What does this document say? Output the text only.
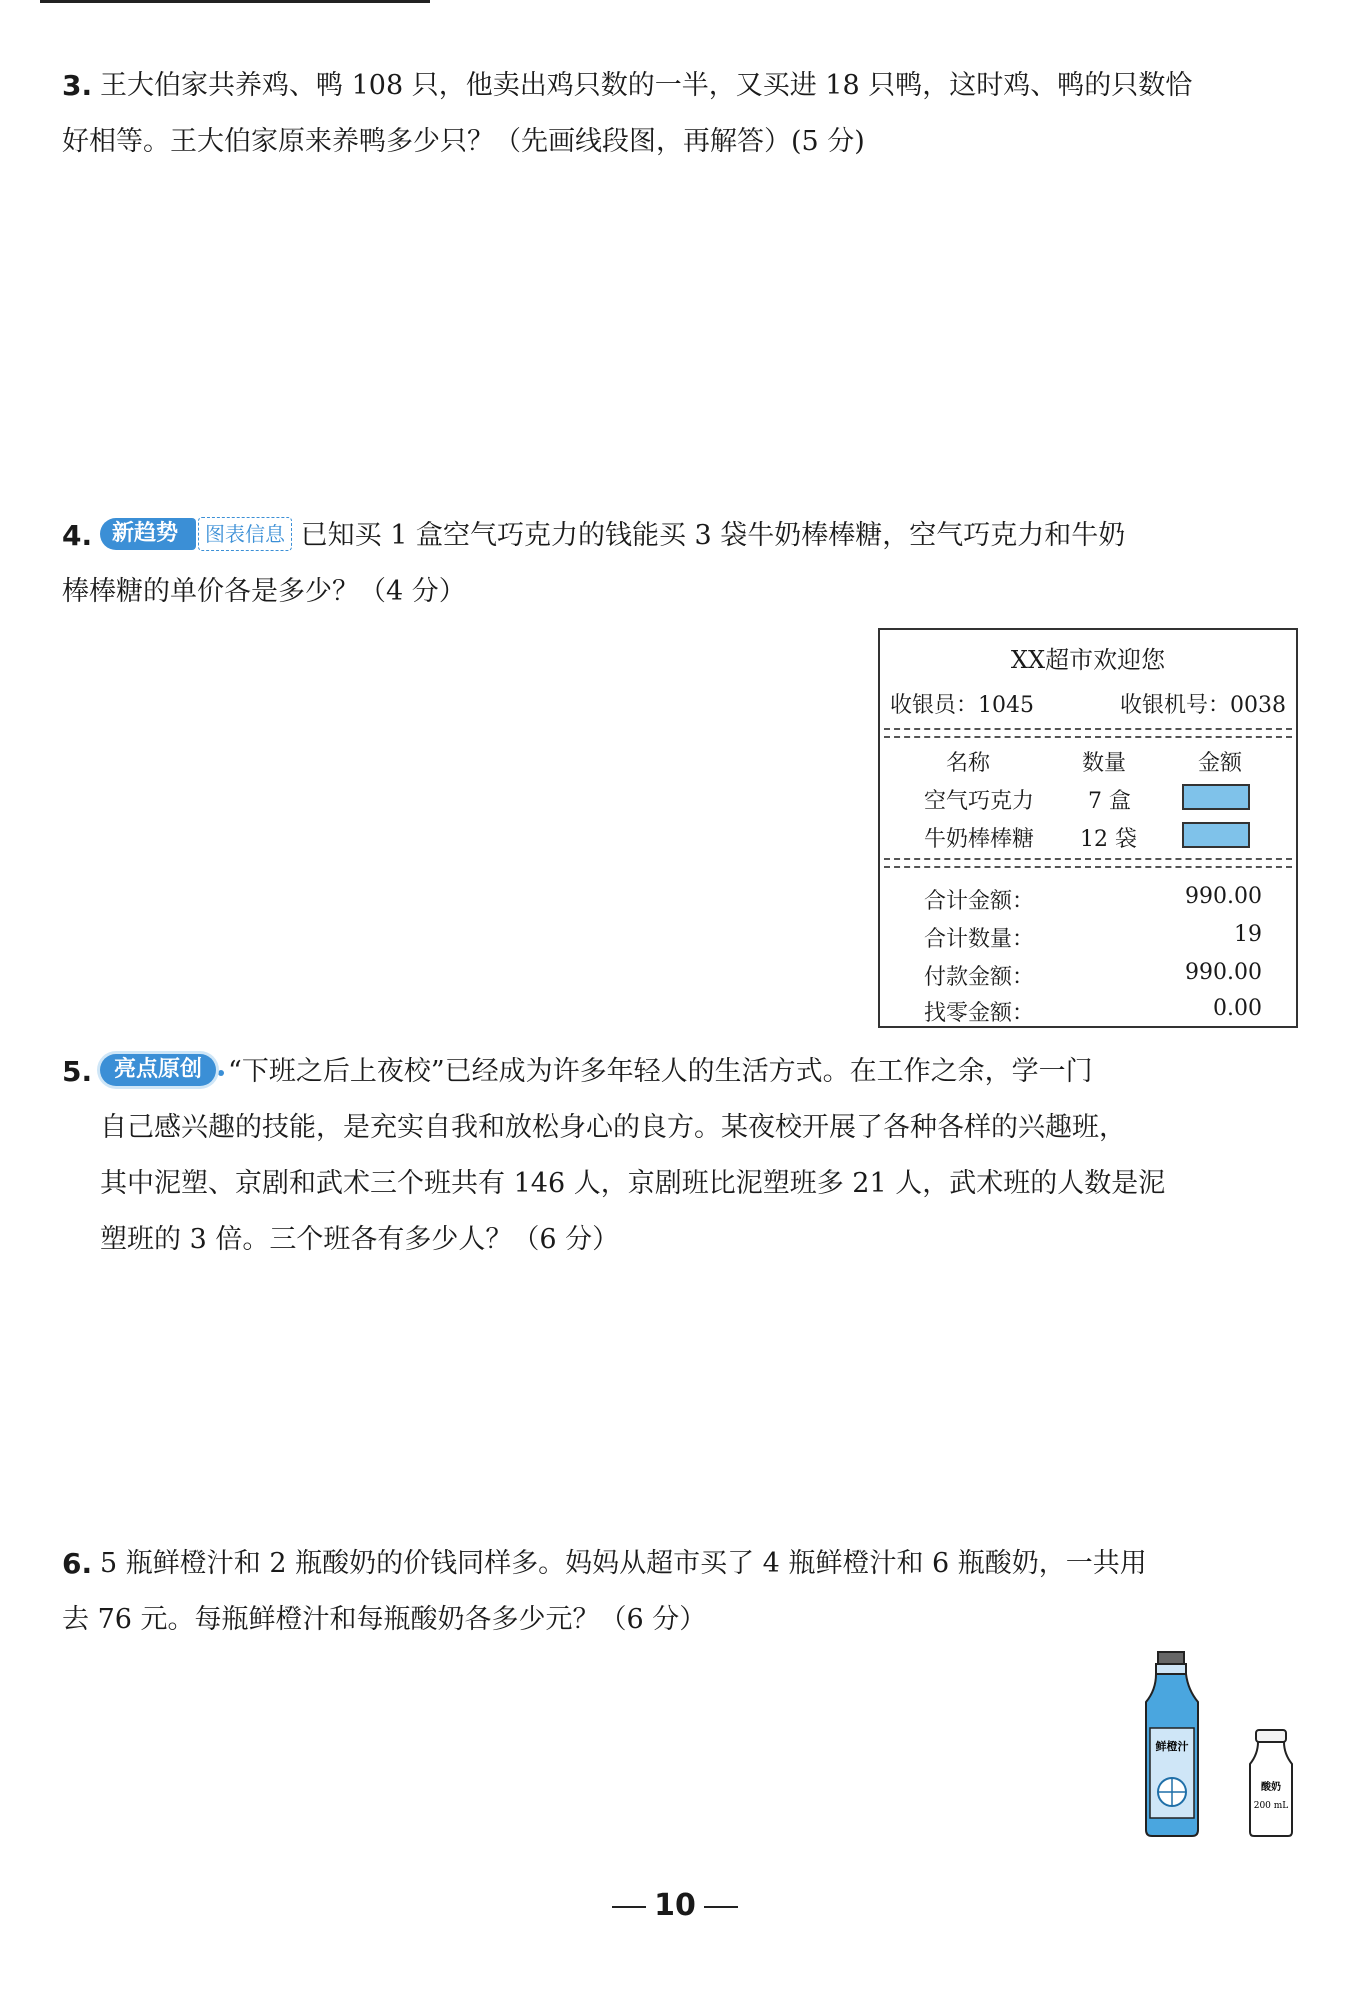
3. 王大伯家共养鸡、鸭 108 只，他卖出鸡只数的一半，又买进 18 只鸭，这时鸡、鸭的只数恰
好相等。王大伯家原来养鸭多少只？（先画线段图，再解答）(5 分)
4. 新趋势 图表信息 已知买 1 盒空气巧克力的钱能买 3 袋牛奶棒棒糖，空气巧克力和牛奶
棒棒糖的单价各是多少？（4 分）
XX超市欢迎您
收银员：1045	收银机号：0038
名称	数量	金额
空气巧克力 7 盒
牛奶棒棒糖 12 袋
合计金额：	990.00
合计数量：	19
付款金额：	990.00
找零金额：	0.00
5. 亮点原创 “下班之后上夜校”已经成为许多年轻人的生活方式。在工作之余，学一门
自己感兴趣的技能，是充实自我和放松身心的良方。某夜校开展了各种各样的兴趣班，
其中泥塑、京剧和武术三个班共有 146 人，京剧班比泥塑班多 21 人，武术班的人数是泥
塑班的 3 倍。三个班各有多少人？（6 分）
6. 5 瓶鲜橙汁和 2 瓶酸奶的价钱同样多。妈妈从超市买了 4 瓶鲜橙汁和 6 瓶酸奶，一共用
去 76 元。每瓶鲜橙汁和每瓶酸奶各多少元？（6 分）
鲜橙汁
酸奶
200 mL
10
